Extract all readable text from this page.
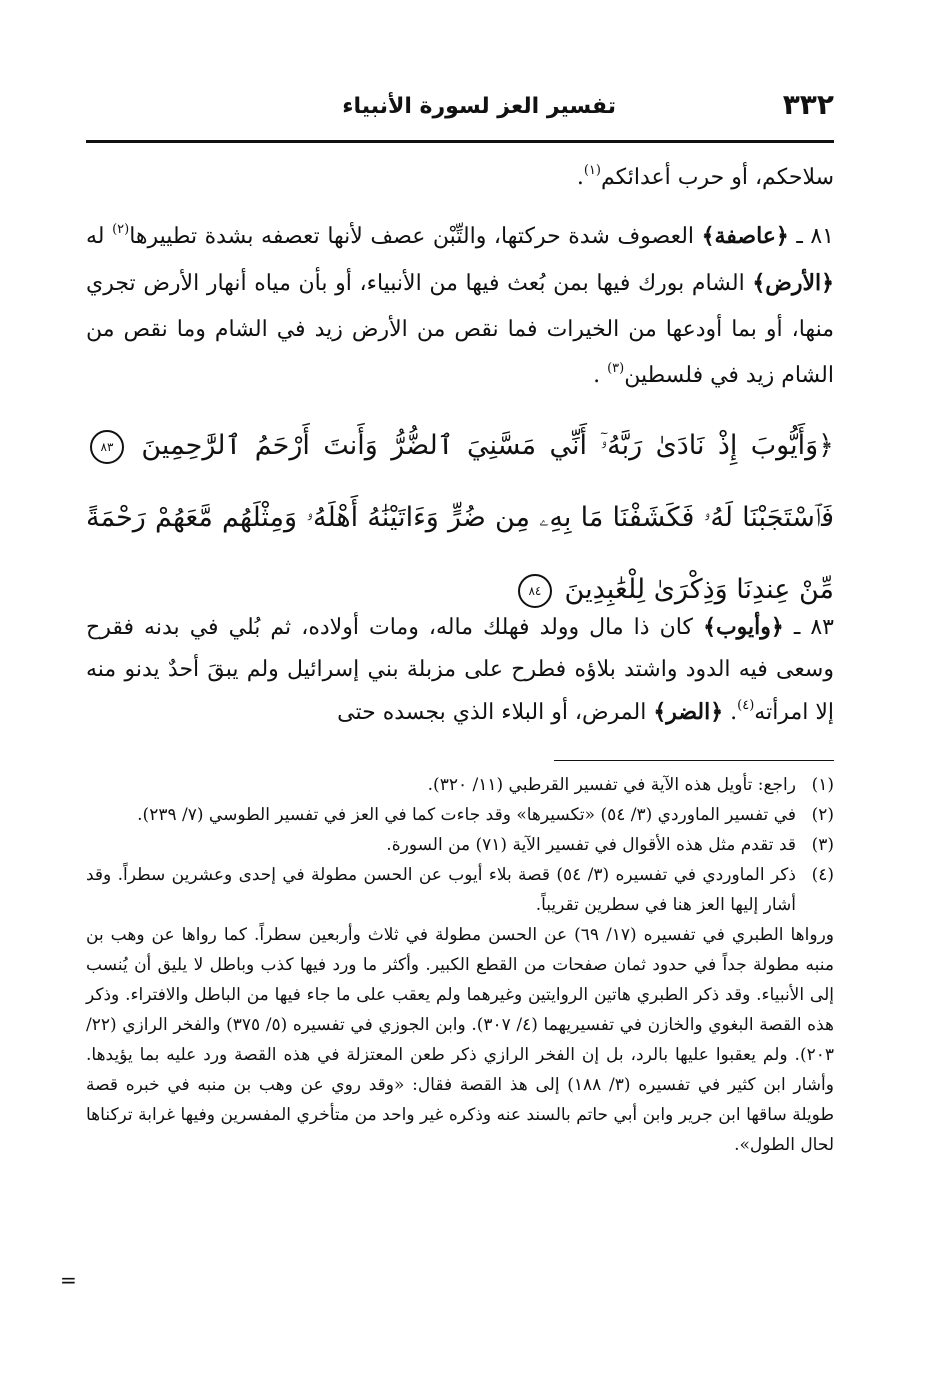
٣٣٢
تفسير العز لسورة الأنبياء

سلاحكم، أو حرب أعدائكم$^{(١)}$.

٨١ ـ ﴿عاصفة﴾ العصوف شدة حركتها، والتِّبْن عصف لأنها تعصفه بشدة تطييرها$^{(٢)}$ له ﴿الأرض﴾ الشام بورك فيها بمن بُعث فيها من الأنبياء، أو بأن مياه أنهار الأرض تجري منها، أو بما أودعها من الخيرات فما نقص من الأرض زيد في الشام وما نقص من الشام زيد في فلسطين$^{(٣)}$ .

﴿وَأَيُّوبَ إِذْ نَادَىٰ رَبَّهُۥٓ أَنِّي مَسَّنِيَ ٱلضُّرُّ وَأَنتَ أَرْحَمُ ٱلرَّٰحِمِينَ ٨٣ فَٱسْتَجَبْنَا لَهُۥ فَكَشَفْنَا مَا بِهِۦ مِن ضُرٍّ وَءَاتَيْنَٰهُ أَهْلَهُۥ وَمِثْلَهُم مَّعَهُمْ رَحْمَةً مِّنْ عِندِنَا وَذِكْرَىٰ لِلْعَٰبِدِينَ ٨٤

٨٣ ـ ﴿وأيوب﴾ كان ذا مال وولد فهلك ماله، ومات أولاده، ثم بُلي في بدنه فقرح وسعى فيه الدود واشتد بلاؤه فطرح على مزبلة بني إسرائيل ولم يبقَ أحدٌ يدنو منه إلا امرأته$^{(٤)}$. ﴿الضر﴾ المرض، أو البلاء الذي بجسده حتى

(١)
راجع: تأويل هذه الآية في تفسير القرطبي (١١/ ٣٢٠).
(٢)
في تفسير الماوردي (٣/ ٥٤) «تكسيرها» وقد جاءت كما في العز في تفسير الطوسي (٧/ ٢٣٩).
(٣)
قد تقدم مثل هذه الأقوال في تفسير الآية (٧١) من السورة.
(٤)
ذكر الماوردي في تفسيره (٣/ ٥٤) قصة بلاء أيوب عن الحسن مطولة في إحدى وعشرين سطراً. وقد أشار إليها العز هنا في سطرين تقريباً.

ورواها الطبري في تفسيره (١٧/ ٦٩) عن الحسن مطولة في ثلاث وأربعين سطراً. كما رواها عن وهب بن منبه مطولة جداً في حدود ثمان صفحات من القطع الكبير. وأكثر ما ورد فيها كذب وباطل لا يليق أن يُنسب إلى الأنبياء. وقد ذكر الطبري هاتين الروايتين وغيرهما ولم يعقب على ما جاء فيها من الباطل والافتراء. وذكر هذه القصة البغوي والخازن في تفسيريهما (٤/ ٣٠٧). وابن الجوزي في تفسيره (٥/ ٣٧٥) والفخر الرازي (٢٢/ ٢٠٣). ولم يعقبوا عليها بالرد، بل إن الفخر الرازي ذكر طعن المعتزلة في هذه القصة ورد عليه بما يؤيدها. وأشار ابن كثير في تفسيره (٣/ ١٨٨) إلى هذ القصة فقال: «وقد روي عن وهب بن منبه في خبره قصة طويلة ساقها ابن جرير وابن أبي حاتم بالسند عنه وذكره غير واحد من متأخري المفسرين وفيها غرابة تركناها لحال الطول».

=
